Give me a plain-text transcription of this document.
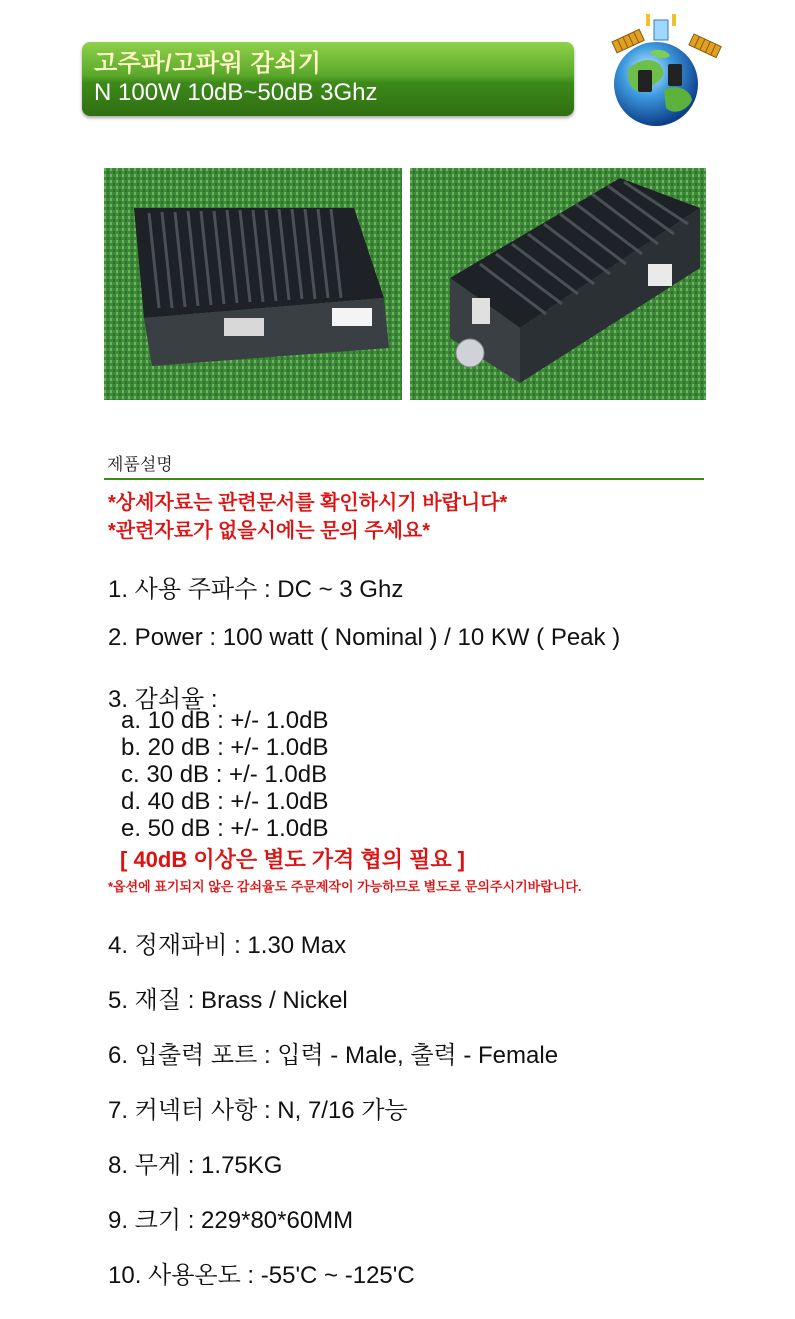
고주파/고파워 감쇠기
N 100W 10dB~50dB 3Ghz
제품설명
*상세자료는 관련문서를 확인하시기 바랍니다*
*관련자료가 없을시에는 문의 주세요*
1. 사용 주파수 : DC ~ 3 Ghz
2. Power : 100 watt ( Nominal ) / 10 KW ( Peak )
3. 감쇠율 :
a. 10 dB : +/- 1.0dB
b. 20 dB : +/- 1.0dB
c. 30 dB : +/- 1.0dB
d. 40 dB : +/- 1.0dB
e. 50 dB : +/- 1.0dB
[ 40dB 이상은 별도 가격 협의 필요 ]
*옵션에 표기되지 않은 감쇠율도 주문제작이 가능하므로 별도로 문의주시기바랍니다.
4. 정재파비 : 1.30 Max
5. 재질 : Brass / Nickel
6. 입출력 포트 : 입력 - Male, 출력 - Female
7. 커넥터 사항 : N, 7/16 가능
8. 무게 : 1.75KG
9. 크기 : 229*80*60MM
10. 사용온도 : -55'C ~ -125'C
